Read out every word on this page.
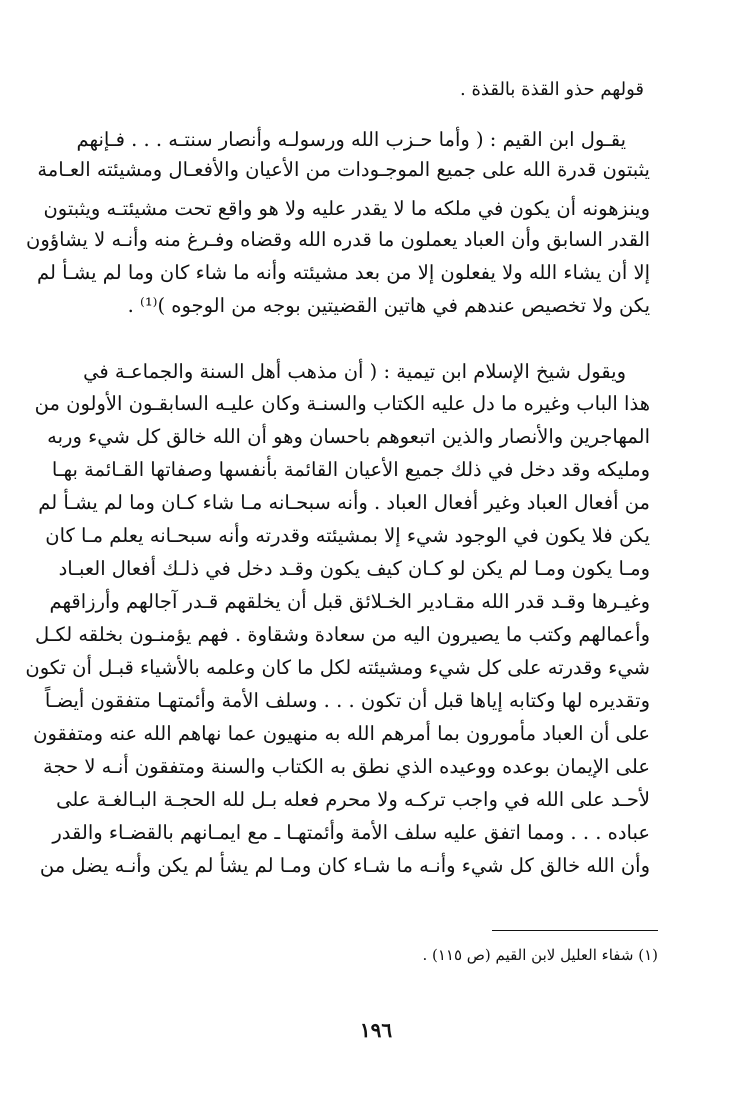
قولهم حذو القذة بالقذة .
يقـول ابن القيم : ( وأما حـزب الله ورسولـه وأنصار سنتـه . . . فـإنهم
يثبتون قدرة الله على جميع الموجـودات من الأعيان والأفعـال ومشيئته العـامة
وينزهونه أن يكون في ملكه ما لا يقدر عليه ولا هو واقع تحت مشيئتـه ويثبتون
القدر السابق وأن العباد يعملون ما قدره الله وقضاه وفـرغ منه وأنـه لا يشاؤون
إلا أن يشاء الله ولا يفعلون إلا من بعد مشيئته وأنه ما شاء كان وما لم يشـأ لم
يكن ولا تخصيص عندهم في هاتين القضيتين بوجه من الوجوه )⁽¹⁾ .
ويقول شيخ الإسلام ابن تيمية : ( أن مذهب أهل السنة والجماعـة في
هذا الباب وغيره ما دل عليه الكتاب والسنـة وكان عليـه السابقـون الأولون من
المهاجرين والأنصار والذين اتبعوهم باحسان وهو أن الله خالق كل شيء وربه
ومليكه وقد دخل في ذلك جميع الأعيان القائمة بأنفسها وصفاتها القـائمة بهـا
من أفعال العباد وغير أفعال العباد . وأنه سبحـانه مـا شاء كـان وما لم يشـأ لم
يكن فلا يكون في الوجود شيء إلا بمشيئته وقدرته وأنه سبحـانه يعلم مـا كان
ومـا يكون ومـا لم يكن لو كـان كيف يكون وقـد دخل في ذلـك أفعال العبـاد
وغيـرها وقـد قدر الله مقـادير الخـلائق قبل أن يخلقهم قـدر آجالهم وأرزاقهم
وأعمالهم وكتب ما يصيرون اليه من سعادة وشقاوة . فهم يؤمنـون بخلقه لكـل
شيء وقدرته على كل شيء ومشيئته لكل ما كان وعلمه بالأشياء قبـل أن تكون
وتقديره لها وكتابه إياها قبل أن تكون . . . وسلف الأمة وأئمتهـا متفقون أيضـاً
على أن العباد مأمورون بما أمرهم الله به منهيون عما نهاهم الله عنه ومتفقون
على الإيمان بوعده ووعيده الذي نطق به الكتاب والسنة ومتفقون أنـه لا حجة
لأحـد على الله في واجب تركـه ولا محرم فعله بـل لله الحجـة البـالغـة على
عباده . . . ومما اتفق عليه سلف الأمة وأئمتهـا ـ مع ايمـانهم بالقضـاء والقدر
وأن الله خالق كل شيء وأنـه ما شـاء كان ومـا لم يشأ لم يكن وأنـه يضل من
(١) شفاء العليل لابن القيم (ص ١١٥) .
١٩٦
